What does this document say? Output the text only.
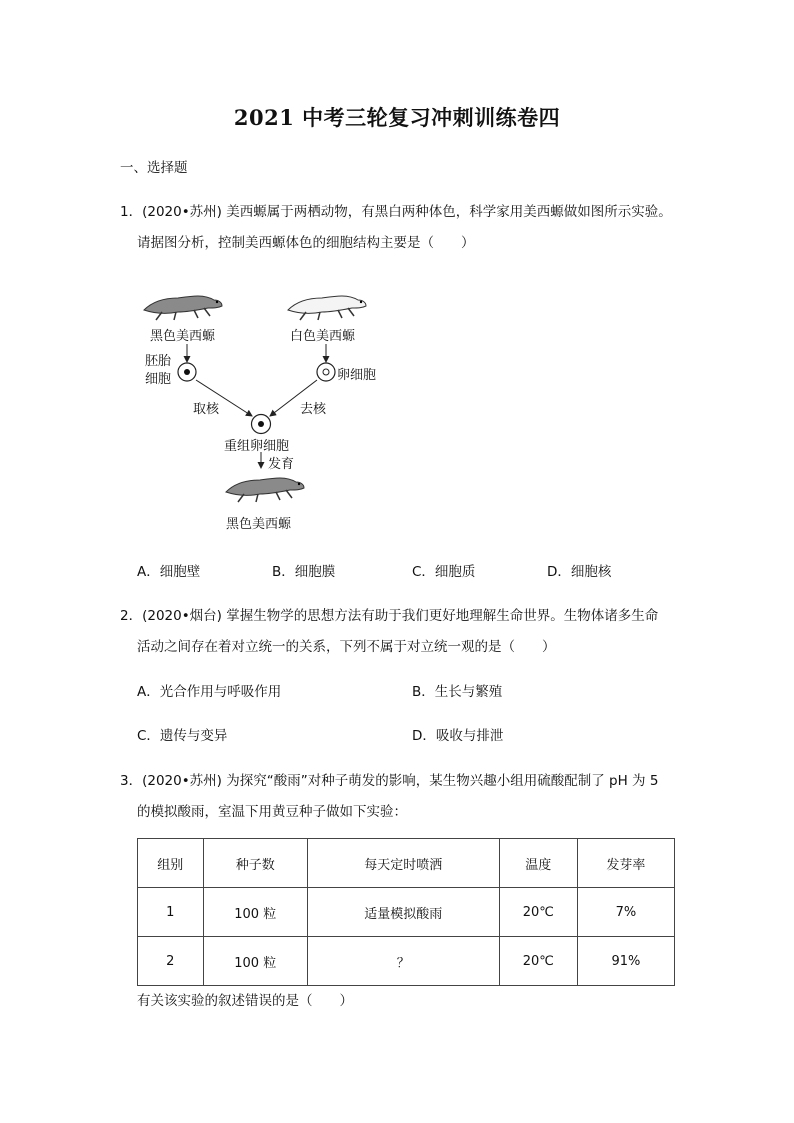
2021 中考三轮复习冲刺训练卷四
一、选择题
1．(2020•苏州) 美西螈属于两栖动物，有黑白两种体色，科学家用美西螈做如图所示实验。
请据图分析，控制美西螈体色的细胞结构主要是（　　）
黑色美西螈	白色美西螈
胚胎
细胞	卵细胞
取核	去核
重组卵细胞
发育
黑色美西螈
A．细胞壁	B．细胞膜	C．细胞质	D．细胞核
2．(2020•烟台) 掌握生物学的思想方法有助于我们更好地理解生命世界。生物体诸多生命
活动之间存在着对立统一的关系，下列不属于对立统一观的是（　　）
A．光合作用与呼吸作用	B．生长与繁殖
C．遗传与变异	D．吸收与排泄
3．(2020•苏州) 为探究“酸雨”对种子萌发的影响，某生物兴趣小组用硫酸配制了 pH 为 5
的模拟酸雨，室温下用黄豆种子做如下实验：
组别	种子数	每天定时喷洒	温度	发芽率
1	100 粒	适量模拟酸雨	20℃	7%
2	100 粒	？	20℃	91%
有关该实验的叙述错误的是（　　）
